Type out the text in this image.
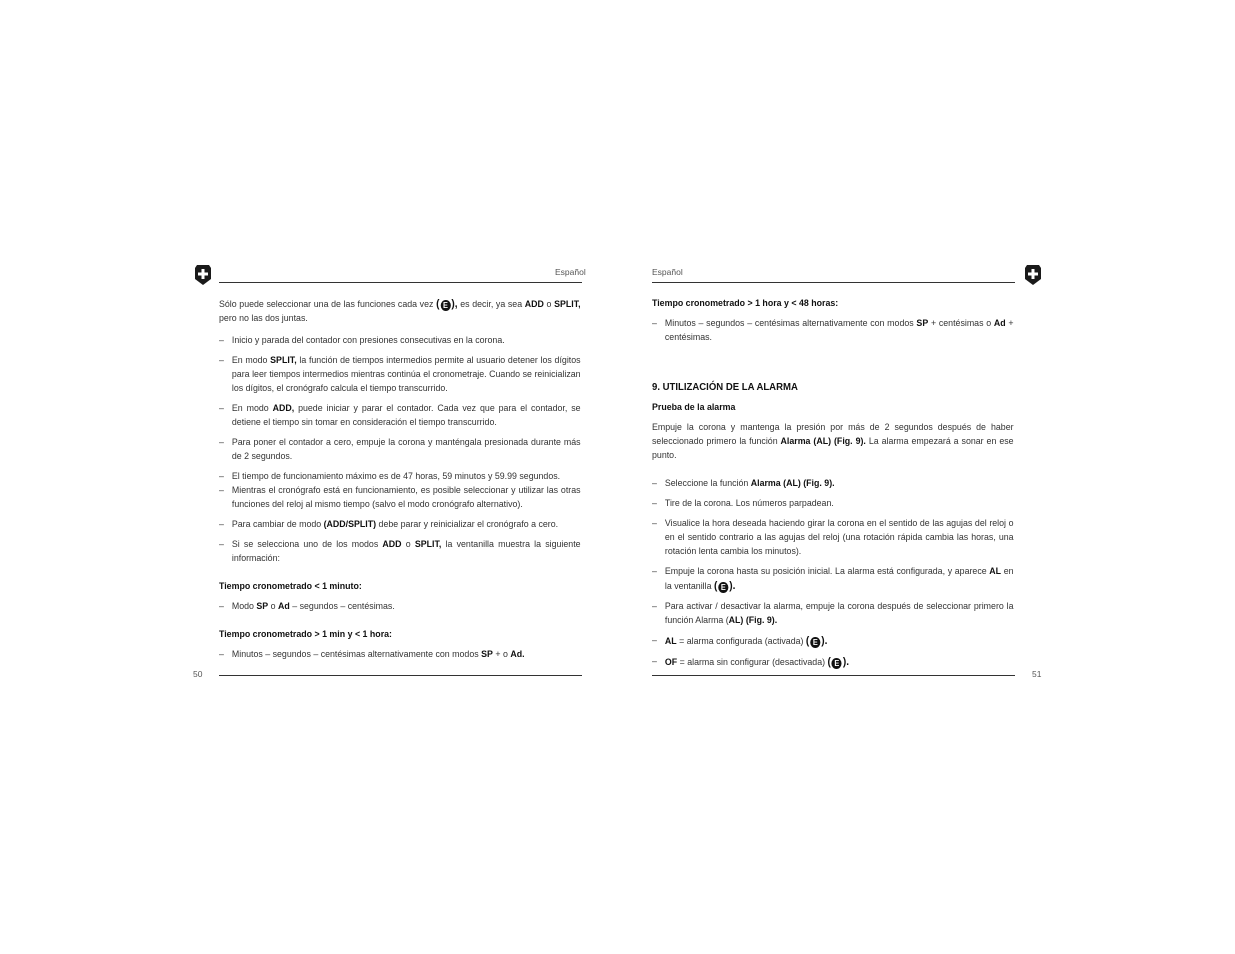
Español

Sólo puede seleccionar una de las funciones cada vez ( E ), es decir, ya sea ADD o SPLIT, pero no las dos juntas.

– Inicio y parada del contador con presiones consecutivas en la corona.
– En modo SPLIT, la función de tiempos intermedios permite al usuario detener los dígitos para leer tiempos intermedios mientras continúa el cronometraje. Cuando se reinicializan los dígitos, el cronógrafo calcula el tiempo transcurrido.
– En modo ADD, puede iniciar y parar el contador. Cada vez que para el contador, se detiene el tiempo sin tomar en consideración el tiempo transcurrido.
– Para poner el contador a cero, empuje la corona y manténgala presionada durante más de 2 segundos.
– El tiempo de funcionamiento máximo es de 47 horas, 59 minutos y 59.99 segundos.
– Mientras el cronógrafo está en funcionamiento, es posible seleccionar y utilizar las otras funciones del reloj al mismo tiempo (salvo el modo cronógrafo alternativo).
– Para cambiar de modo (ADD/SPLIT) debe parar y reinicializar el cronógrafo a cero.
– Si se selecciona uno de los modos ADD o SPLIT, la ventanilla muestra la siguiente información:

Tiempo cronometrado < 1 minuto:

– Modo SP o Ad – segundos – centésimas.

Tiempo cronometrado > 1 min y < 1 hora:

– Minutos – segundos – centésimas alternativamente con modos SP + o Ad.
50
Español

Tiempo cronometrado > 1 hora y < 48 horas:

– Minutos – segundos – centésimas alternativamente con modos SP + centésimas o Ad + centésimas.

9. UTILIZACIÓN DE LA ALARMA

Prueba de la alarma

Empuje la corona y mantenga la presión por más de 2 segundos después de haber seleccionado primero la función Alarma (AL) (Fig. 9). La alarma empezará a sonar en ese punto.

– Seleccione la función Alarma (AL) (Fig. 9).
– Tire de la corona. Los números parpadean.
– Visualice la hora deseada haciendo girar la corona en el sentido de las agujas del reloj o en el sentido contrario a las agujas del reloj (una rotación rápida cambia las horas, una rotación lenta cambia los minutos).
– Empuje la corona hasta su posición inicial. La alarma está configurada, y aparece AL en la ventanilla ( E ).
– Para activar / desactivar la alarma, empuje la corona después de seleccionar primero la función Alarma (AL) (Fig. 9).
– AL = alarma configurada (activada) ( E ).
– OF = alarma sin configurar (desactivada) ( E ).
51
